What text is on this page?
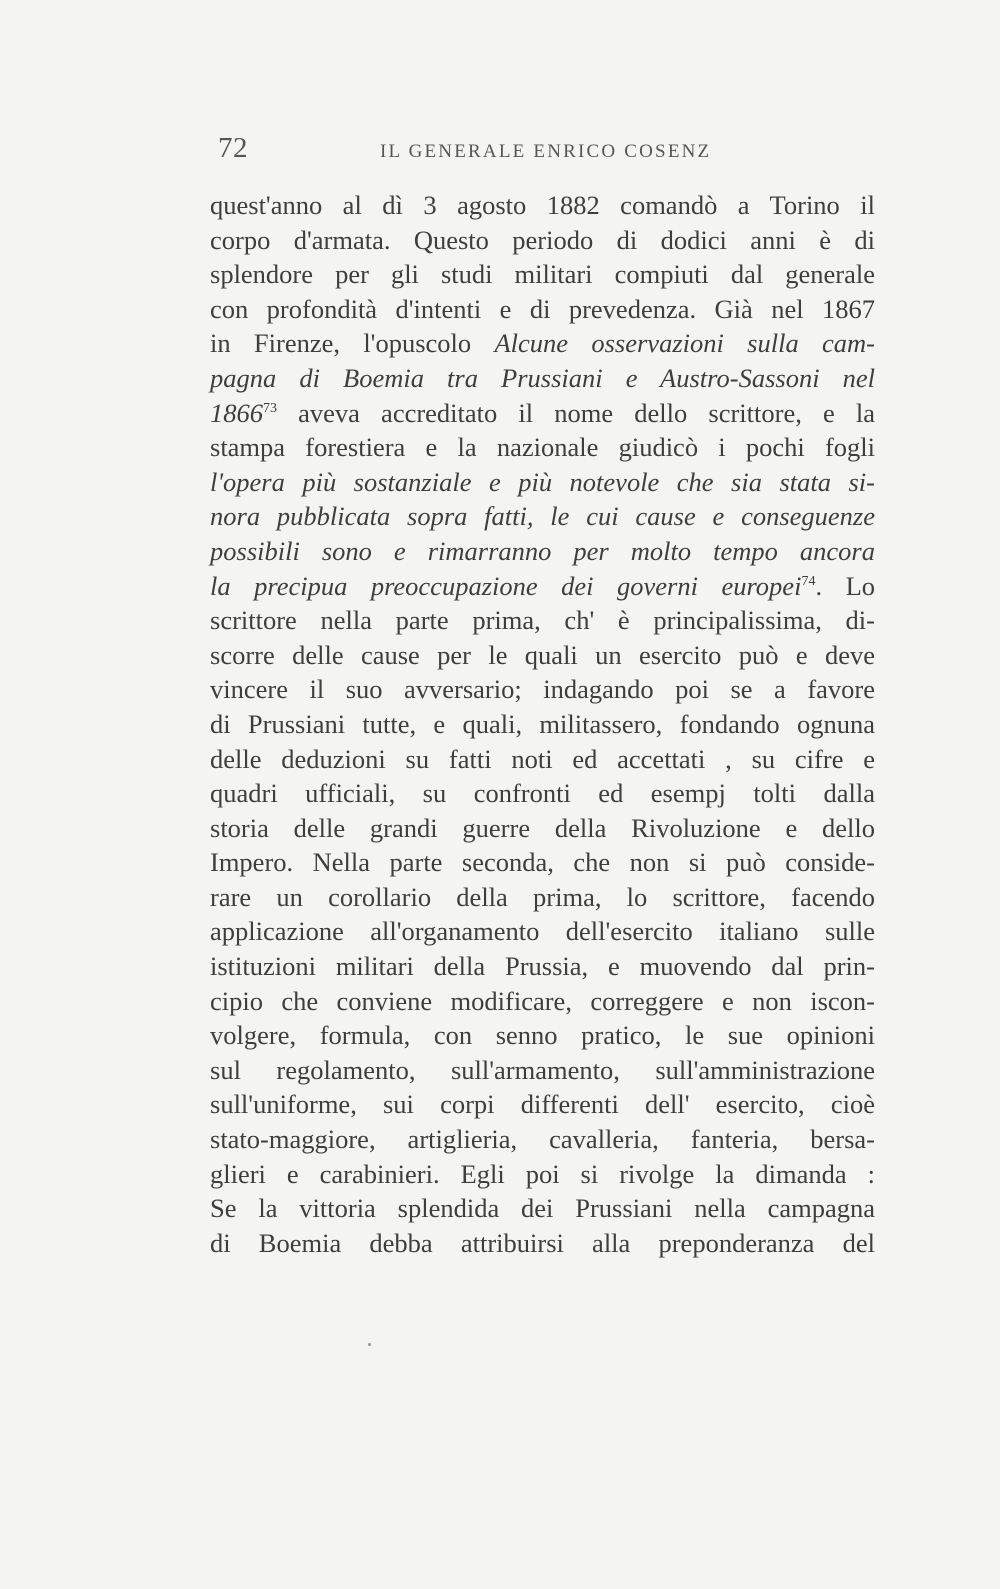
72	IL GENERALE ENRICO COSENZ
quest'anno al dì 3 agosto 1882 comandò a Torino il
corpo d'armata. Questo periodo di dodici anni è di
splendore per gli studi militari compiuti dal generale
con profondità d'intenti e di prevedenza. Già nel 1867
in Firenze, l'opuscolo Alcune osservazioni sulla cam-
pagna di Boemia tra Prussiani e Austro-Sassoni nel
1866$^{73}$ aveva accreditato il nome dello scrittore, e la
stampa forestiera e la nazionale giudicò i pochi fogli
l'opera più sostanziale e più notevole che sia stata si-
nora pubblicata sopra fatti, le cui cause e conseguenze
possibili sono e rimarranno per molto tempo ancora
la precipua preoccupazione dei governi europei$^{74}$. Lo
scrittore nella parte prima, ch' è principalissima, di-
scorre delle cause per le quali un esercito può e deve
vincere il suo avversario; indagando poi se a favore
di Prussiani tutte, e quali, militassero, fondando ognuna
delle deduzioni su fatti noti ed accettati , su cifre e
quadri ufficiali, su confronti ed esempj tolti dalla
storia delle grandi guerre della Rivoluzione e dello
Impero. Nella parte seconda, che non si può conside-
rare un corollario della prima, lo scrittore, facendo
applicazione all'organamento dell'esercito italiano sulle
istituzioni militari della Prussia, e muovendo dal prin-
cipio che conviene modificare, correggere e non iscon-
volgere, formula, con senno pratico, le sue opinioni
sul regolamento, sull'armamento, sull'amministrazione
sull'uniforme, sui corpi differenti dell' esercito, cioè
stato-maggiore, artiglieria, cavalleria, fanteria, bersa-
glieri e carabinieri. Egli poi si rivolge la dimanda :
Se la vittoria splendida dei Prussiani nella campagna
di Boemia debba attribuirsi alla preponderanza del
